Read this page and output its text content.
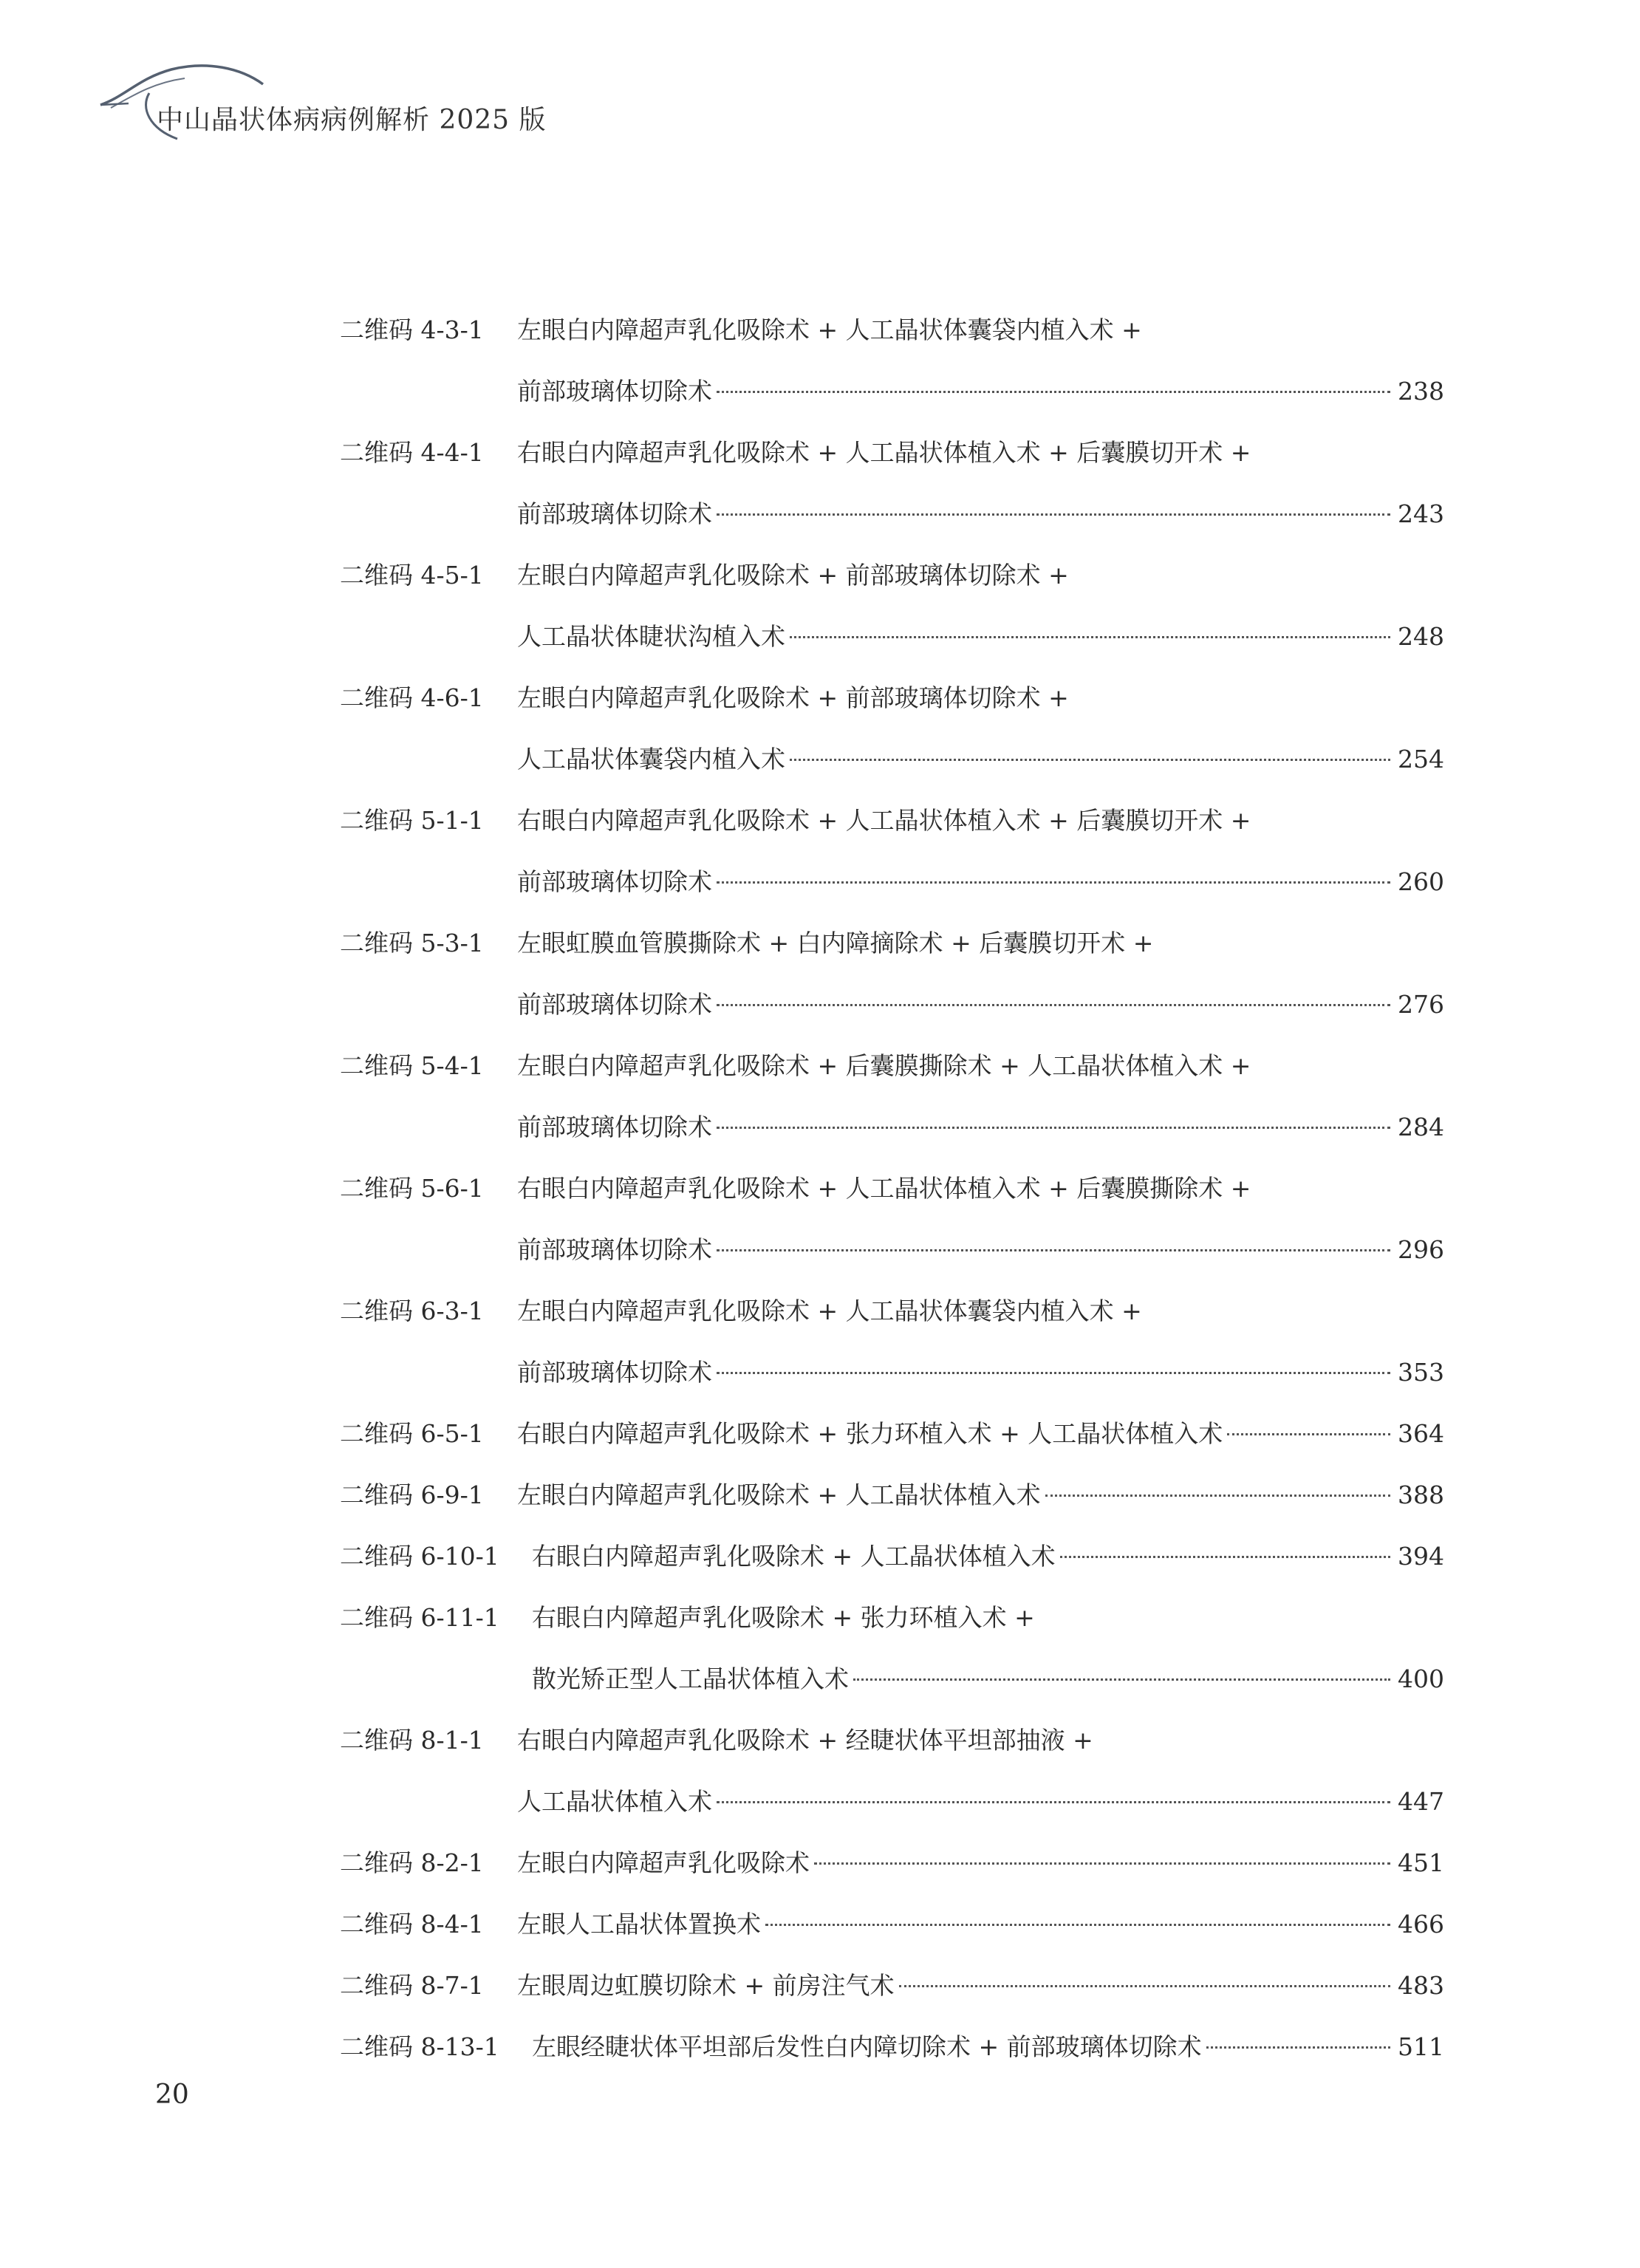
中山晶状体病病例解析 2025 版
二维码 4-3-1	左眼白内障超声乳化吸除术 + 人工晶状体囊袋内植入术 +
前部玻璃体切除术	238
二维码 4-4-1	右眼白内障超声乳化吸除术 + 人工晶状体植入术 + 后囊膜切开术 +
前部玻璃体切除术	243
二维码 4-5-1	左眼白内障超声乳化吸除术 + 前部玻璃体切除术 +
人工晶状体睫状沟植入术	248
二维码 4-6-1	左眼白内障超声乳化吸除术 + 前部玻璃体切除术 +
人工晶状体囊袋内植入术	254
二维码 5-1-1	右眼白内障超声乳化吸除术 + 人工晶状体植入术 + 后囊膜切开术 +
前部玻璃体切除术	260
二维码 5-3-1	左眼虹膜血管膜撕除术 + 白内障摘除术 + 后囊膜切开术 +
前部玻璃体切除术	276
二维码 5-4-1	左眼白内障超声乳化吸除术 + 后囊膜撕除术 + 人工晶状体植入术 +
前部玻璃体切除术	284
二维码 5-6-1	右眼白内障超声乳化吸除术 + 人工晶状体植入术 + 后囊膜撕除术 +
前部玻璃体切除术	296
二维码 6-3-1	左眼白内障超声乳化吸除术 + 人工晶状体囊袋内植入术 +
前部玻璃体切除术	353
二维码 6-5-1	右眼白内障超声乳化吸除术 + 张力环植入术 + 人工晶状体植入术	364
二维码 6-9-1	左眼白内障超声乳化吸除术 + 人工晶状体植入术	388
二维码 6-10-1	右眼白内障超声乳化吸除术 + 人工晶状体植入术	394
二维码 6-11-1	右眼白内障超声乳化吸除术 + 张力环植入术 +
散光矫正型人工晶状体植入术	400
二维码 8-1-1	右眼白内障超声乳化吸除术 + 经睫状体平坦部抽液 +
人工晶状体植入术	447
二维码 8-2-1	左眼白内障超声乳化吸除术	451
二维码 8-4-1	左眼人工晶状体置换术	466
二维码 8-7-1	左眼周边虹膜切除术 + 前房注气术	483
二维码 8-13-1	左眼经睫状体平坦部后发性白内障切除术 + 前部玻璃体切除术	511
20
